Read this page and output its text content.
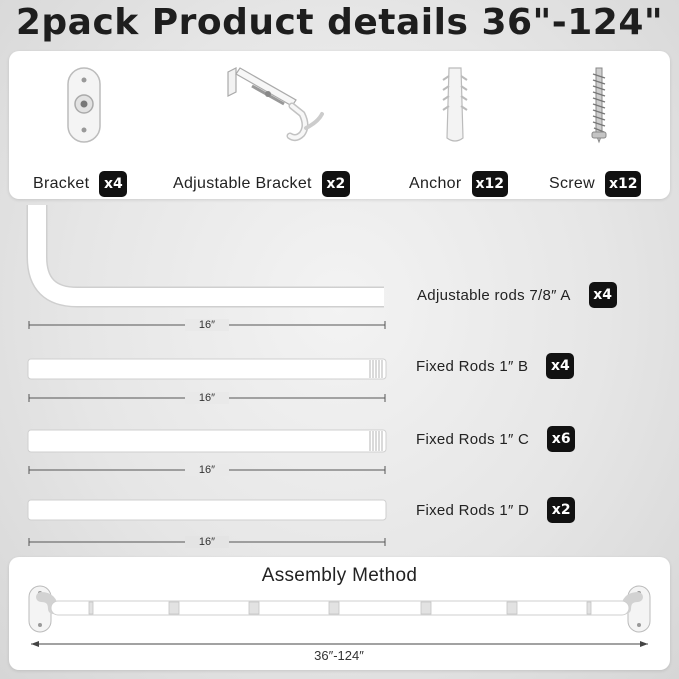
2pack Product details 36"-124"
Bracket	x4	Adjustable Bracket	x2	Anchor x12	Screw x12
16″
Adjustable rods 7/8″ A	x4
16″
Fixed Rods 1″ B	x4
16″
Fixed Rods 1″ C	x6
16″
Fixed Rods 1″ D	x2
Assembly Method
36″-124″
